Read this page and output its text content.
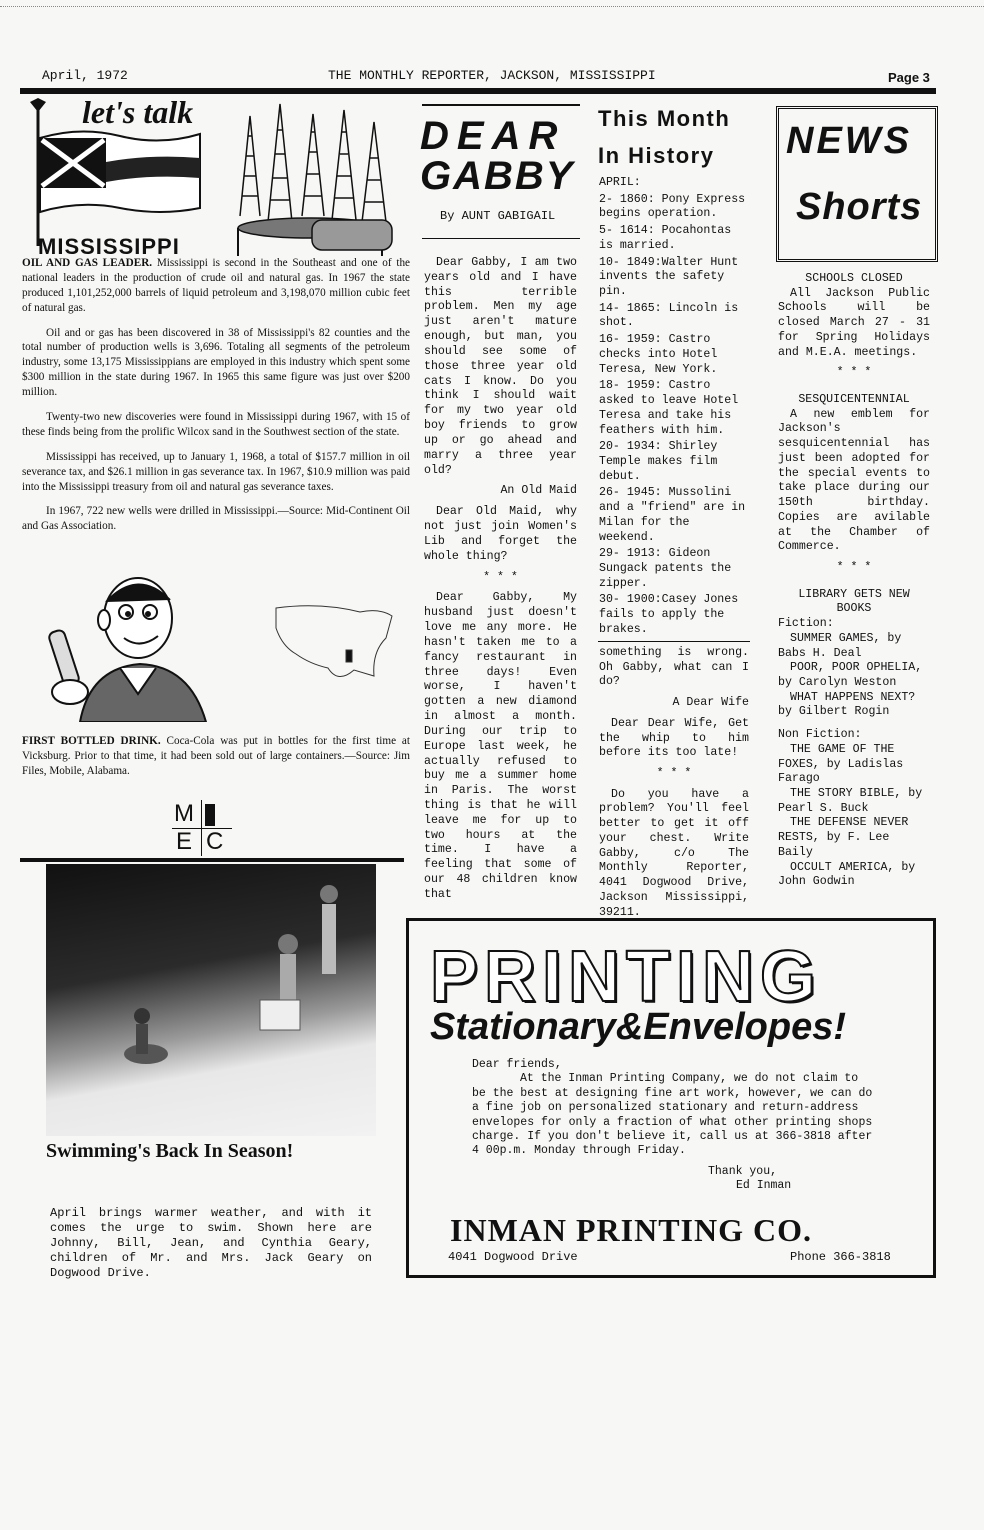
April, 1972	THE MONTHLY REPORTER, JACKSON, MISSISSIPPI	Page 3
let's talk
MISSISSIPPI

OIL AND GAS LEADER. Mississippi is second in the Southeast and one of the national leaders in the production of crude oil and natural gas. In 1967 the state produced 1,101,252,000 barrels of liquid petroleum and 3,198,070 million cubic feet of natural gas.

Oil and or gas has been discovered in 38 of Mississippi's 82 counties and the total number of production wells is 3,696. Totaling all segments of the petroleum industry, some 13,175 Mississippians are employed in this industry which spent some $300 million in the state during 1967. In 1965 this same figure was just over $200 million.

Twenty-two new discoveries were found in Mississippi during 1967, with 15 of these finds being from the prolific Wilcox sand in the Southwest section of the state.

Mississippi has received, up to January 1, 1968, a total of $157.7 million in oil severance tax, and $26.1 million in gas severance tax. In 1967, $10.9 million was paid into the Mississippi treasury from oil and natural gas severance taxes.

In 1967, 722 new wells were drilled in Mississippi.—Source: Mid-Continent Oil and Gas Association.

FIRST BOTTLED DRINK. Coca-Cola was put in bottles for the first time at Vicksburg. Prior to that time, it had been sold out of large containers.—Source: Jim Files, Mobile, Alabama.

M
E C
Swimming's Back In Season!
April brings warmer weather, and with it comes the urge to swim. Shown here are Johnny, Bill, Jean, and Cynthia Geary, children of Mr. and Mrs. Jack Geary on Dogwood Drive.
DEAR
GABBY
By AUNT GABIGAIL

Dear Gabby, I am two years old and I have this terrible problem. Men my age just aren't mature enough, but man, you should see some of those three year old cats I know. Do you think I should wait for my two year old boy friends to grow up or go ahead and marry a three year old?

An Old Maid

Dear Old Maid, why not just join Women's Lib and forget the whole thing?

* * *

Dear Gabby, My husband just doesn't love me any more. He hasn't taken me to a fancy restaurant in three days! Even worse, I haven't gotten a new diamond in almost a month. During our trip to Europe last week, he actually refused to buy me a summer home in Paris. The worst thing is that he will leave me for up to two hours at the time. I have a feeling that some of our 48 children know that

This Month
In History
APRIL:
2- 1860: Pony Express begins operation.
5- 1614: Pocahontas is married.
10- 1849:Walter Hunt invents the safety pin.
14- 1865: Lincoln is shot.
16- 1959: Castro checks into Hotel Teresa, New York.
18- 1959: Castro asked to leave Hotel Teresa and take his feathers with him.
20- 1934: Shirley Temple makes film debut.
26- 1945: Mussolini and a "friend" are in Milan for the weekend.
29- 1913: Gideon Sungack patents the zipper.
30- 1900:Casey Jones fails to apply the brakes.

something is wrong. Oh Gabby, what can I do?

A Dear Wife

Dear Dear Wife, Get the whip to him before its too late!

* * *

Do you have a problem? You'll feel better to get it off your chest. Write Gabby, c/o The Monthly Reporter, 4041 Dogwood Drive, Jackson Mississippi, 39211.

NEWS
Shorts
SCHOOLS CLOSED
All Jackson Public Schools will be closed March 27 - 31 for Spring Holidays and M.E.A. meetings.
* * *
SESQUICENTENNIAL
A new emblem for Jackson's sesquicentennial has just been adopted for the special events to take place during our 150th birthday. Copies are avilable at the Chamber of Commerce.
* * *
LIBRARY GETS NEW BOOKS
Fiction:
SUMMER GAMES, by Babs H. Deal
POOR, POOR OPHELIA, by Carolyn Weston
WHAT HAPPENS NEXT? by Gilbert Rogin
Non Fiction:
THE GAME OF THE FOXES, by Ladislas Farago
THE STORY BIBLE, by Pearl S. Buck
THE DEFENSE NEVER RESTS, by F. Lee Baily
OCCULT AMERICA, by John Godwin
PRINTING
Stationary&Envelopes!
Dear friends,
At the Inman Printing Company, we do not claim to be the best at designing fine art work, however, we can do a fine job on personalized stationary and return-address envelopes for only a fraction of what other printing shops charge. If you don't believe it, call us at 366-3818 after 4 00p.m. Monday through Friday.
Thank you,
Ed Inman
INMAN PRINTING CO.
4041 Dogwood Drive	Phone 366-3818
